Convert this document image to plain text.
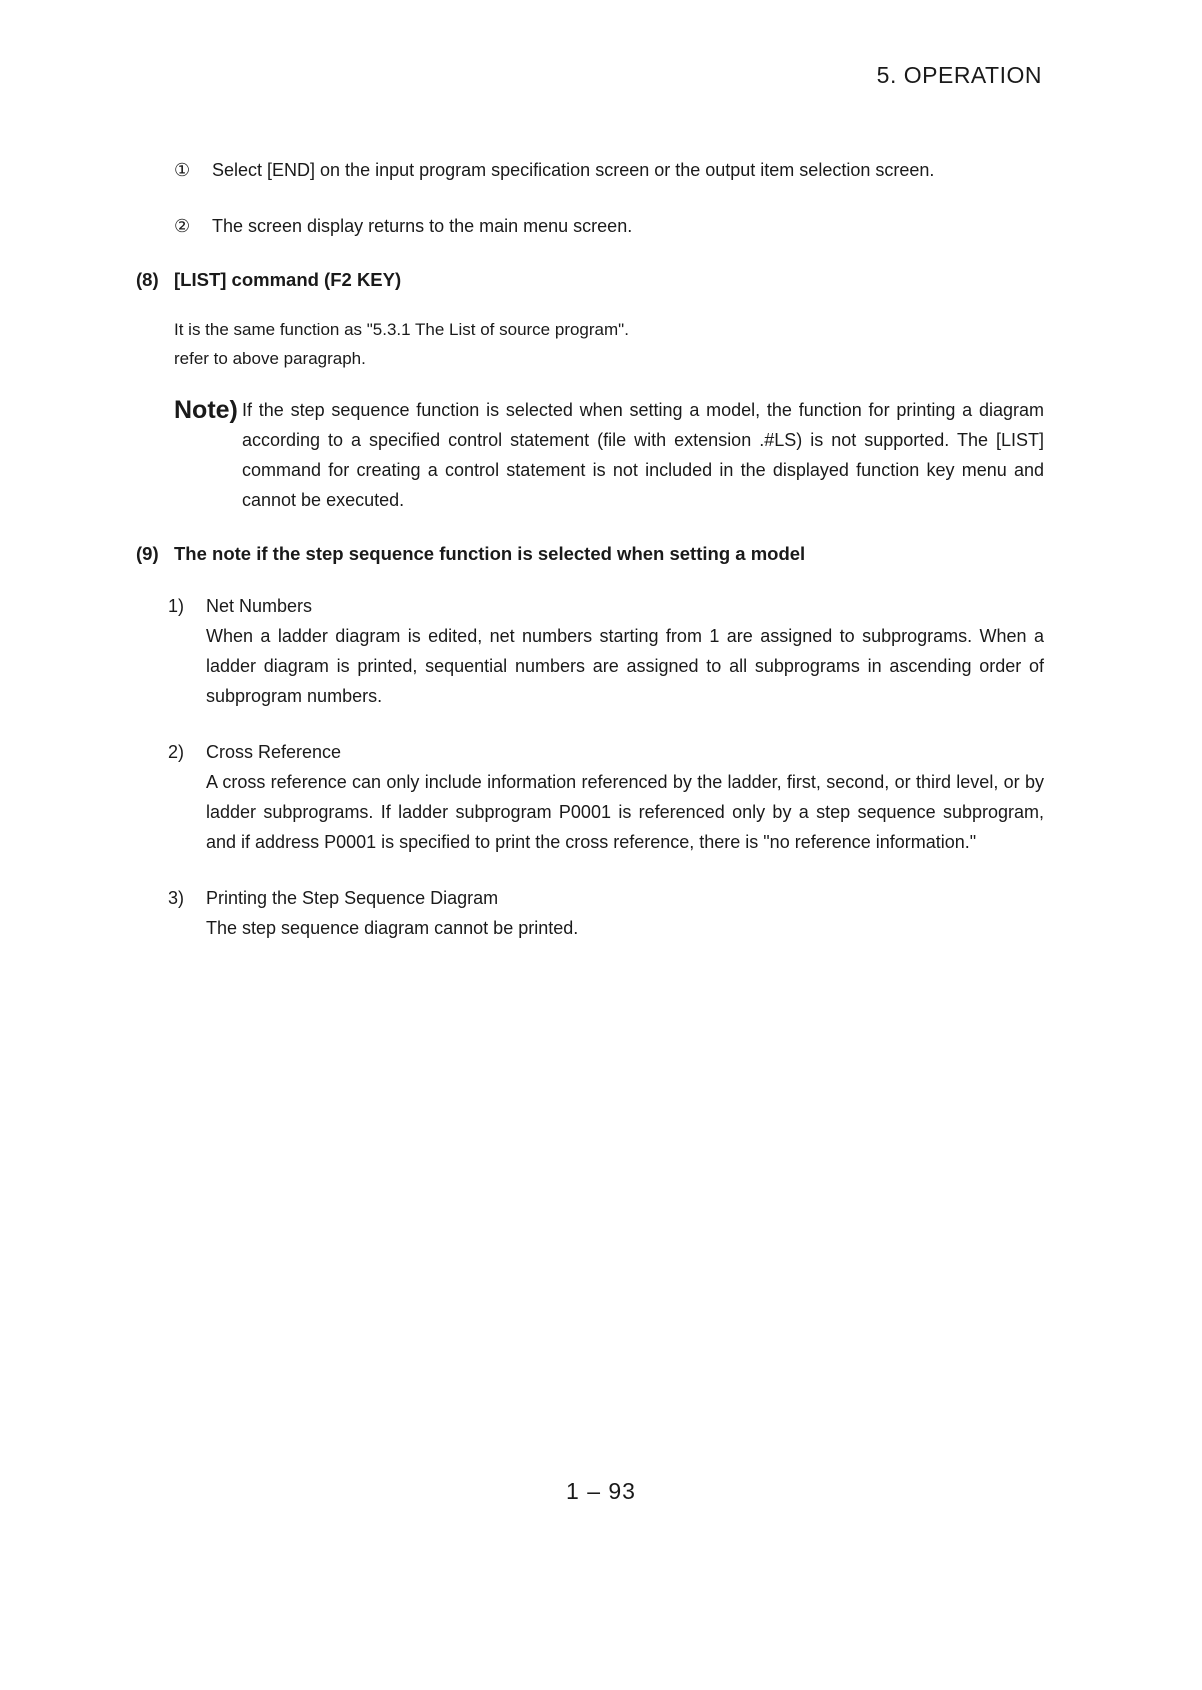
5. OPERATION
①	Select [END] on the input program specification screen or the output item selection screen.
②	The screen display returns to the main menu screen.
(8) [LIST] command (F2 KEY)
It is the same function as "5.3.1 The List of source program".
refer to above paragraph.
Note) If the step sequence function is selected when setting a model, the function for printing a diagram according to a specified control statement (file with extension .#LS) is not supported. The [LIST] command for creating a control statement is not included in the displayed function key menu and cannot be executed.
(9) The note if the step sequence function is selected when setting a model
1)	Net Numbers
When a ladder diagram is edited, net numbers starting from 1 are assigned to subprograms. When a ladder diagram is printed, sequential numbers are assigned to all subprograms in ascending order of subprogram numbers.
2)	Cross Reference
A cross reference can only include information referenced by the ladder, first, second, or third level, or by ladder subprograms. If ladder subprogram P0001 is referenced only by a step sequence subprogram, and if address P0001 is specified to print the cross reference, there is "no reference information."
3)	Printing the Step Sequence Diagram
The step sequence diagram cannot be printed.
1 – 93
